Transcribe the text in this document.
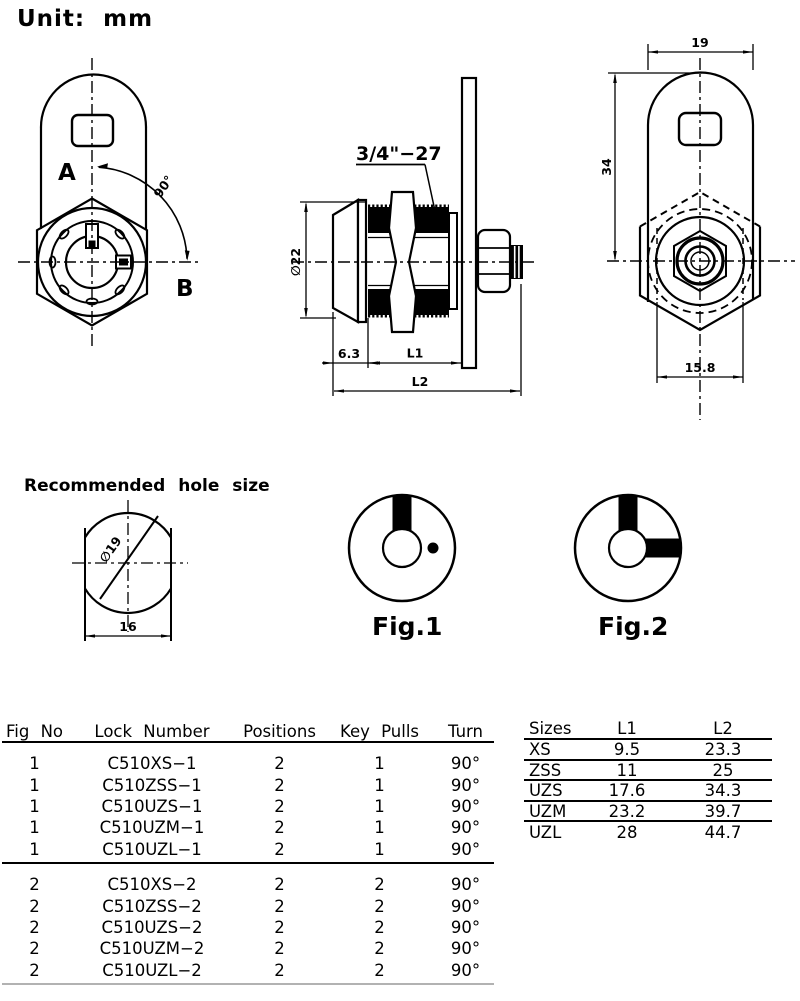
Unit:  mm
A
B
90°
∅22
3/4"−27
6.3	L1
L2
19
34
15.8
Recommended hole size
∅19
16	Fig.1	Fig.2
Fig No	Lock Number	Positions	Key Pulls	Turn
1	C510XS−1	2	1	90°
1	C510ZSS−1	2	1	90°
1	C510UZS−1	2	1	90°
1	C510UZM−1	2	1	90°
1	C510UZL−1	2	1	90°
2	C510XS−2	2	2	90°
2	C510ZSS−2	2	2	90°
2	C510UZS−2	2	2	90°
2	C510UZM−2	2	2	90°
2	C510UZL−2	2	2	90°
Sizes	L1	L2
XS	9.5	23.3
ZSS	11	25
UZS	17.6	34.3
UZM	23.2	39.7
UZL	28	44.7
